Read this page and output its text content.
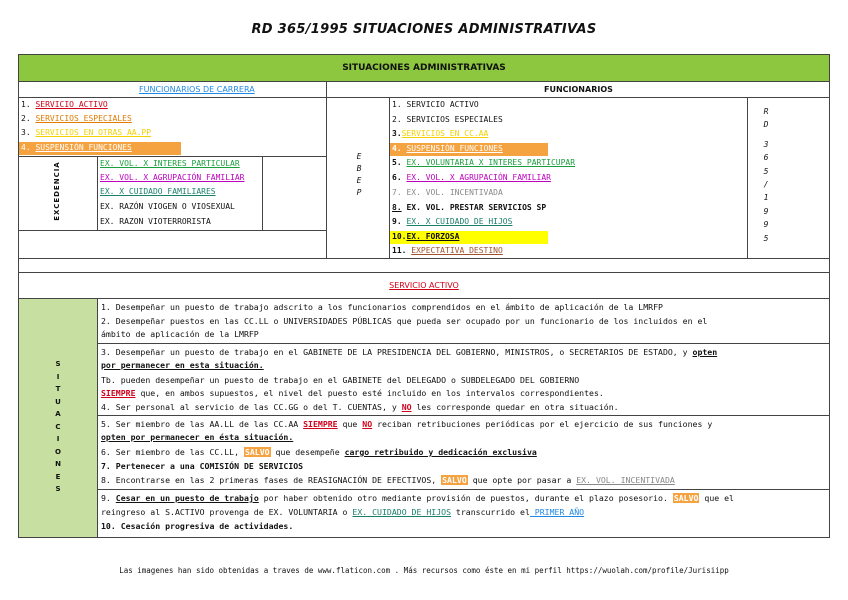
RD 365/1995 SITUACIONES ADMINISTRATIVAS
SITUACIONES ADMINISTRATIVAS
FUNCIONARIOS DE CARRERA
1. SERVICIO ACTIVO
2. SERVICIOS ESPECIALES
3. SERVICIOS EN OTRAS AA.PP
4. SUSPENSIÓN FUNCIONES
EXCEDENCIA	EX. VOL. X INTERES PARTICULAR
EX. VOL. X AGRUPACIÓN FAMILIAR
EX. X CUIDADO FAMILIARES
EX. RAZÓN VIOGEN O VIOSEXUAL
EX. RAZON VIOTERRORISTA
E
B
E
P
FUNCIONARIOS
1. SERVICIO ACTIVO
2. SERVICIOS ESPECIALES
3.SERVICIOS EN CC.AA
4. SUSPENSIÓN FUNCIONES
5. EX. VOLUNTARIA X INTERES PARTICUPAR
6. EX. VOL. X AGRUPACIÓN FAMILIAR
7. EX. VOL. INCENTIVADA
8. EX. VOL. PRESTAR SERVICIOS SP
9. EX. X CUIDADO DE HIJOS
10.EX. FORZOSA
11. EXPECTATIVA DESTINO
R
D
3
6
5
/
1
9
9
5
SERVICIO ACTIVO
S
I
T
U
A
C
I
O
N
E
S
1. Desempeñar un puesto de trabajo adscrito a los funcionarios comprendidos en el ámbito de aplicación de la LMRFP
2. Desempeñar puestos en las CC.LL o UNIVERSIDADES PÚBLICAS que pueda ser ocupado por un funcionario de los incluidos en el
ámbito de aplicación de la LMRFP
3. Desempeñar un puesto de trabajo en el GABINETE DE LA PRESIDENCIA DEL GOBIERNO, MINISTROS, o SECRETARIOS DE ESTADO, y opten
por permanecer en esta situación.
Tb. pueden desempeñar un puesto de trabajo en el GABINETE del DELEGADO o SUBDELEGADO DEL GOBIERNO
SIEMPRE que, en ambos supuestos, el nivel del puesto esté incluido en los intervalos correspondientes.
4. Ser personal al servicio de las CC.GG o del T. CUENTAS, y NO les corresponde quedar en otra situación.
5. Ser miembro de las AA.LL de las CC.AA SIEMPRE que NO reciban retribuciones periódicas por el ejercicio de sus funciones y
opten por permanecer en ésta situación.
6. Ser miembro de las CC.LL, SALVO que desempeñe cargo retribuido y dedicación exclusiva
7. Pertenecer a una COMISIÓN DE SERVICIOS
8. Encontrarse en las 2 primeras fases de REASIGNACIÓN DE EFECTIVOS, SALVO que opte por pasar a EX. VOL. INCENTIVADA
9. Cesar en un puesto de trabajo por haber obtenido otro mediante provisión de puestos, durante el plazo posesorio. SALVO que el
reingreso al S.ACTIVO provenga de EX. VOLUNTARIA o EX. CUIDADO DE HIJOS transcurrido el PRIMER AÑO
10. Cesación progresiva de actividades.
Las imagenes han sido obtenidas a traves de www.flaticon.com . Más recursos como éste en mi perfil https://wuolah.com/profile/Jurisiipp
